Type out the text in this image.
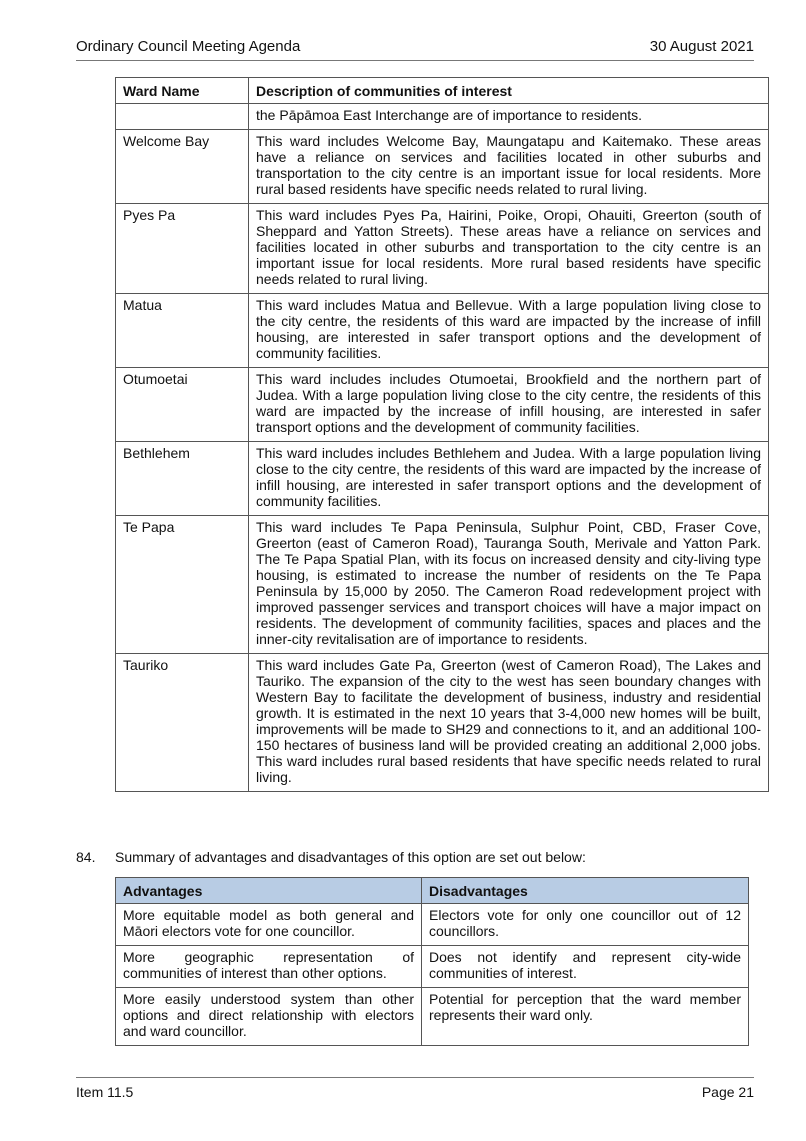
Ordinary Council Meeting Agenda	30 August 2021
Ward Name	Description of communities of interest
	the Pāpāmoa East Interchange are of importance to residents.
Welcome Bay	This ward includes Welcome Bay, Maungatapu and Kaitemako. These areas have a reliance on services and facilities located in other suburbs and transportation to the city centre is an important issue for local residents. More rural based residents have specific needs related to rural living.
Pyes Pa	This ward includes Pyes Pa, Hairini, Poike, Oropi, Ohauiti, Greerton (south of Sheppard and Yatton Streets). These areas have a reliance on services and facilities located in other suburbs and transportation to the city centre is an important issue for local residents. More rural based residents have specific needs related to rural living.
Matua	This ward includes Matua and Bellevue. With a large population living close to the city centre, the residents of this ward are impacted by the increase of infill housing, are interested in safer transport options and the development of community facilities.
Otumoetai	This ward includes includes Otumoetai, Brookfield and the northern part of Judea. With a large population living close to the city centre, the residents of this ward are impacted by the increase of infill housing, are interested in safer transport options and the development of community facilities.
Bethlehem	This ward includes includes Bethlehem and Judea. With a large population living close to the city centre, the residents of this ward are impacted by the increase of infill housing, are interested in safer transport options and the development of community facilities.
Te Papa	This ward includes Te Papa Peninsula, Sulphur Point, CBD, Fraser Cove, Greerton (east of Cameron Road), Tauranga South, Merivale and Yatton Park. The Te Papa Spatial Plan, with its focus on increased density and city-living type housing, is estimated to increase the number of residents on the Te Papa Peninsula by 15,000 by 2050. The Cameron Road redevelopment project with improved passenger services and transport choices will have a major impact on residents. The development of community facilities, spaces and places and the inner-city revitalisation are of importance to residents.
Tauriko	This ward includes Gate Pa, Greerton (west of Cameron Road), The Lakes and Tauriko. The expansion of the city to the west has seen boundary changes with Western Bay to facilitate the development of business, industry and residential growth. It is estimated in the next 10 years that 3-4,000 new homes will be built, improvements will be made to SH29 and connections to it, and an additional 100-150 hectares of business land will be provided creating an additional 2,000 jobs. This ward includes rural based residents that have specific needs related to rural living.
84. Summary of advantages and disadvantages of this option are set out below:
Advantages	Disadvantages
More equitable model as both general and Māori electors vote for one councillor.	Electors vote for only one councillor out of 12 councillors.
More geographic representation of communities of interest than other options.	Does not identify and represent city-wide communities of interest.
More easily understood system than other options and direct relationship with electors and ward councillor.	Potential for perception that the ward member represents their ward only.
Item 11.5	Page 21
